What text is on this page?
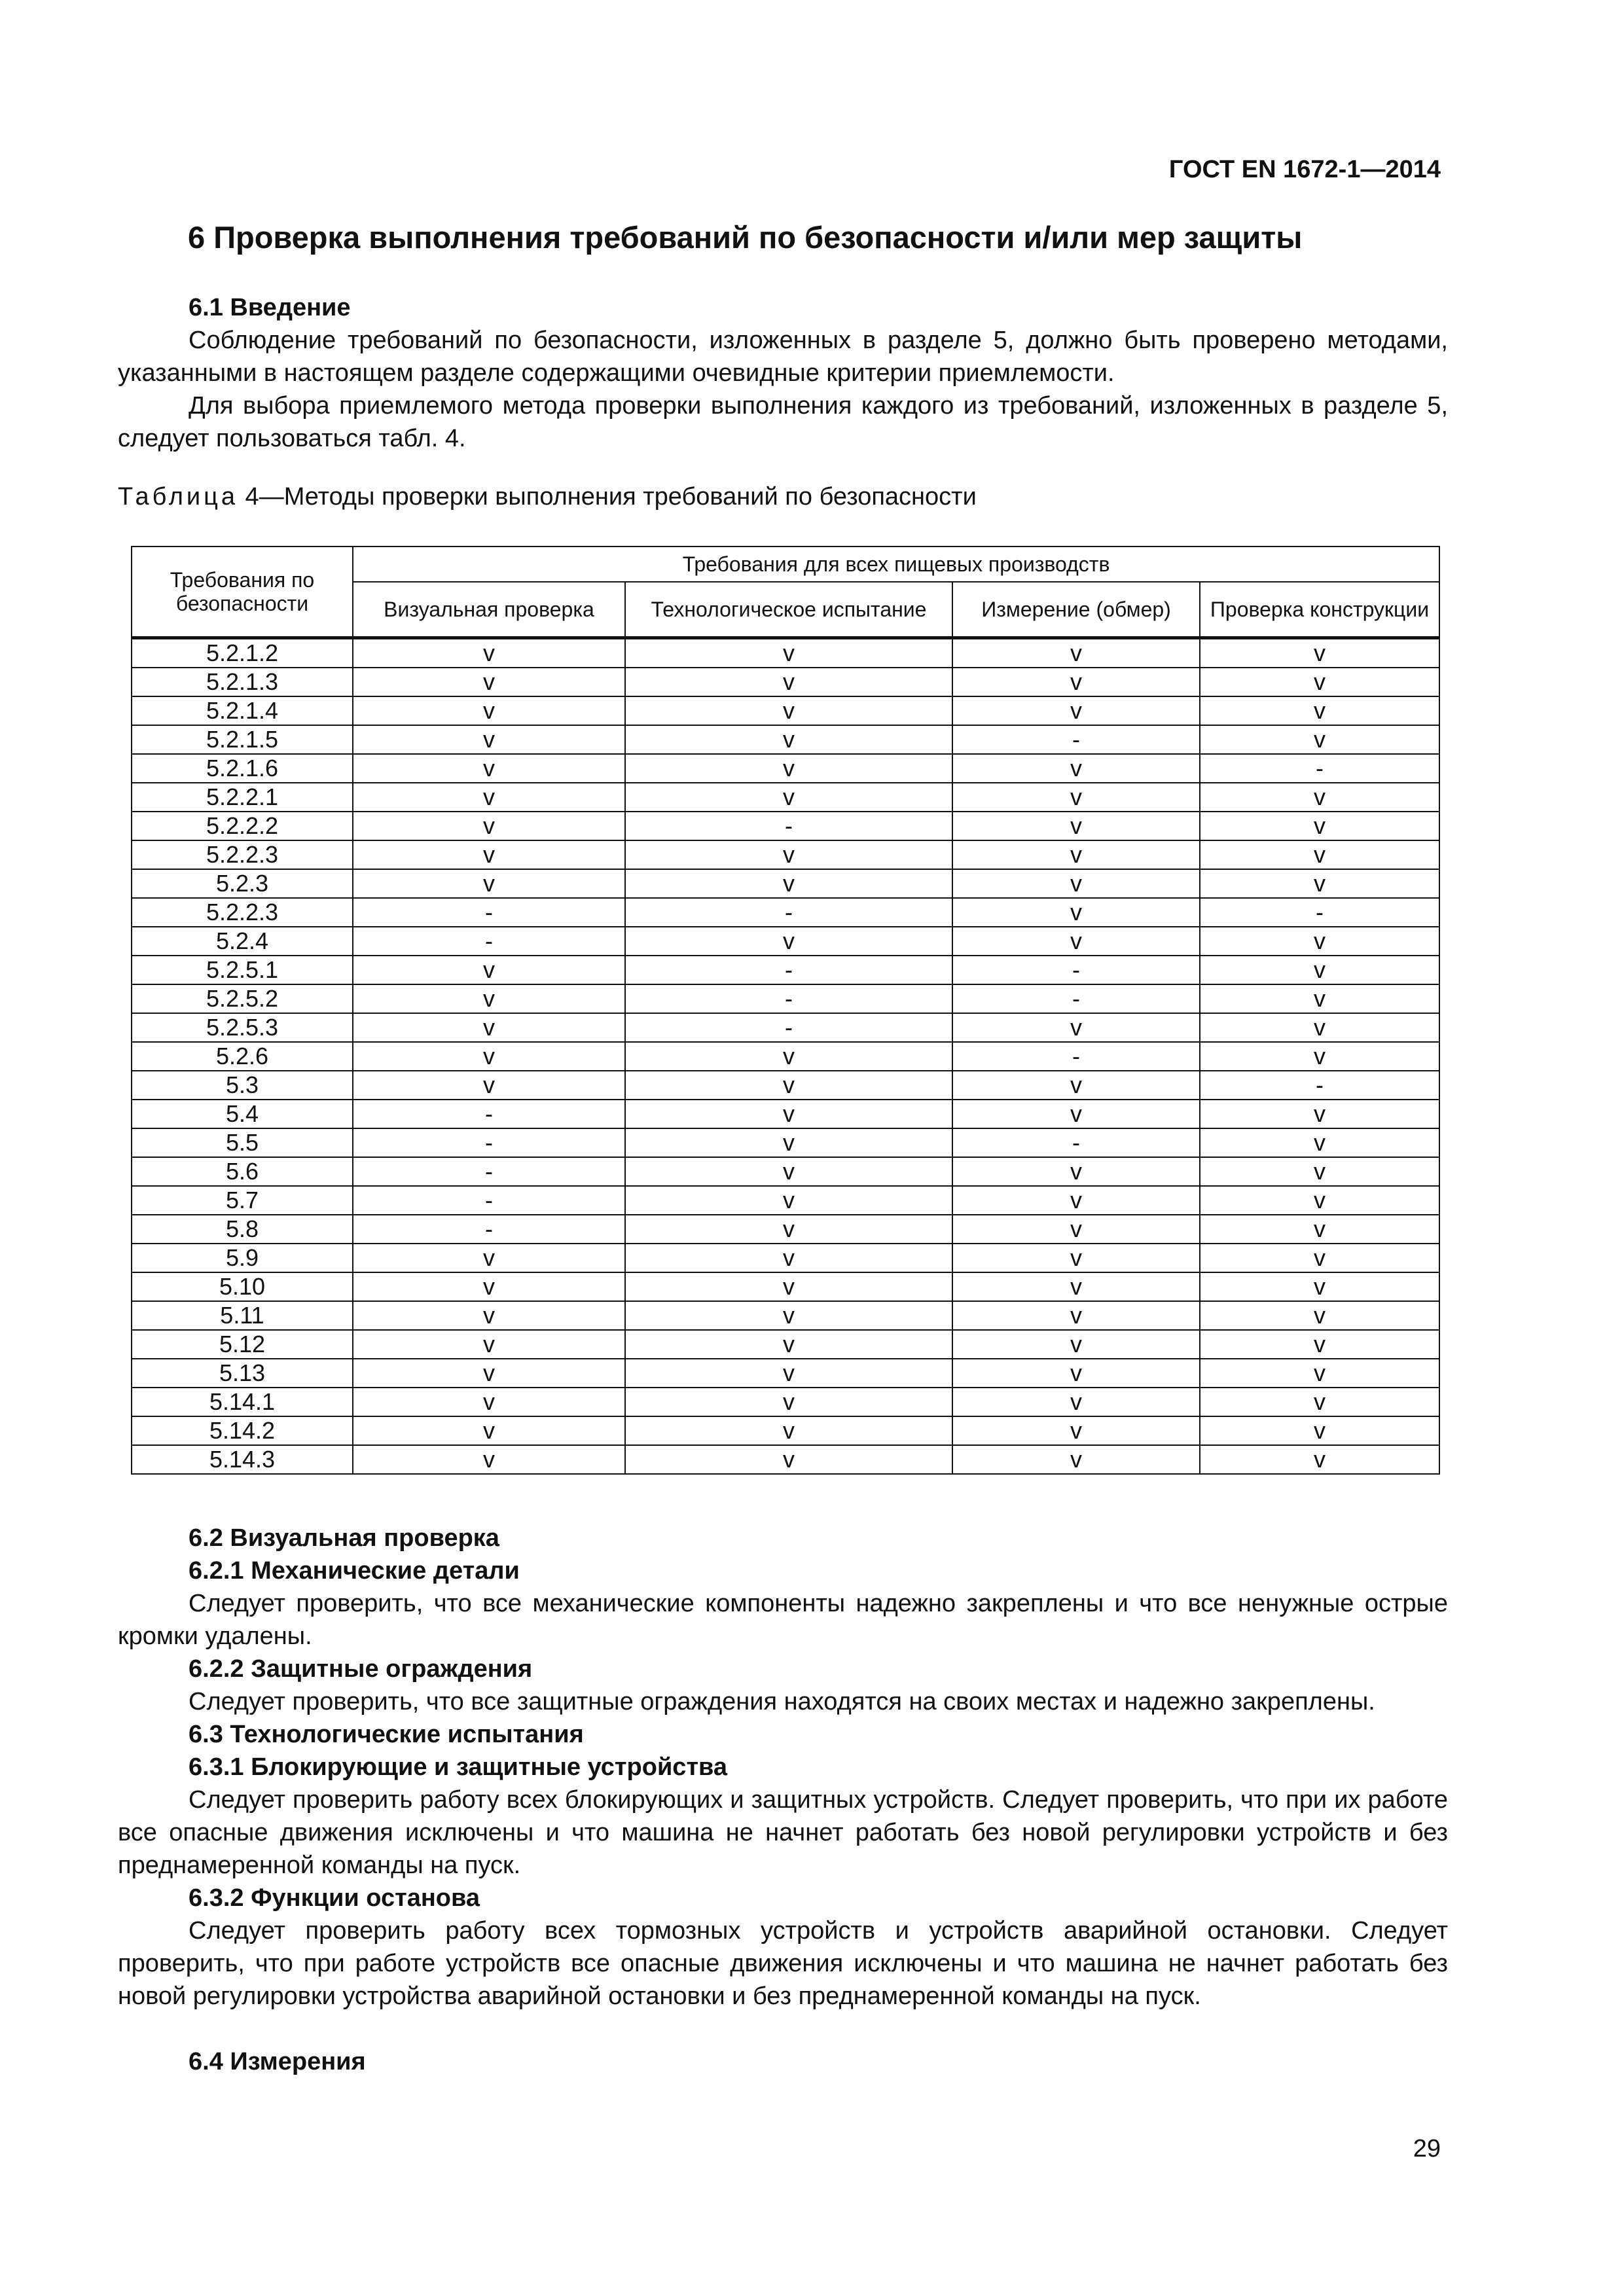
ГОСТ EN 1672-1—2014
6 Проверка выполнения требований по безопасности и/или мер защиты
6.1 Введение

Соблюдение требований по безопасности, изложенных в разделе 5, должно быть проверено методами, указанными в настоящем разделе содержащими очевидные критерии приемлемости.

Для выбора приемлемого метода проверки выполнения каждого из требований, изложенных в разделе 5, следует пользоваться табл. 4.

Таблица 4—Методы проверки выполнения требований по безопасности
Требования по безопасности	Требования для всех пищевых производств			
	Визуальная проверка	Технологическое испытание	Измерение (обмер)	Проверка конструкции
5.2.1.2	v	v	v	v
5.2.1.3	v	v	v	v
5.2.1.4	v	v	v	v
5.2.1.5	v	v	-	v
5.2.1.6	v	v	v	-
5.2.2.1	v	v	v	v
5.2.2.2	v	-	v	v
5.2.2.3	v	v	v	v
5.2.3	v	v	v	v
5.2.2.3	-	-	v	-
5.2.4	-	v	v	v
5.2.5.1	v	-	-	v
5.2.5.2	v	-	-	v
5.2.5.3	v	-	v	v
5.2.6	v	v	-	v
5.3	v	v	v	-
5.4	-	v	v	v
5.5	-	v	-	v
5.6	-	v	v	v
5.7	-	v	v	v
5.8	-	v	v	v
5.9	v	v	v	v
5.10	v	v	v	v
5.11	v	v	v	v
5.12	v	v	v	v
5.13	v	v	v	v
5.14.1	v	v	v	v
5.14.2	v	v	v	v
5.14.3	v	v	v	v
6.2 Визуальная проверка
6.2.1 Механические детали

Следует проверить, что все механические компоненты надежно закреплены и что все ненужные острые кромки удалены.

6.2.2 Защитные ограждения

Следует проверить, что все защитные ограждения находятся на своих местах и надежно закреплены.

6.3 Технологические испытания
6.3.1 Блокирующие и защитные устройства

Следует проверить работу всех блокирующих и защитных устройств. Следует проверить, что при их работе все опасные движения исключены и что машина не начнет работать без новой регулировки устройств и без преднамеренной команды на пуск.

6.3.2 Функции останова

Следует проверить работу всех тормозных устройств и устройств аварийной остановки. Следует проверить, что при работе устройств все опасные движения исключены и что машина не начнет работать без новой регулировки устройства аварийной остановки и без преднамеренной команды на пуск.

6.4 Измерения
29
